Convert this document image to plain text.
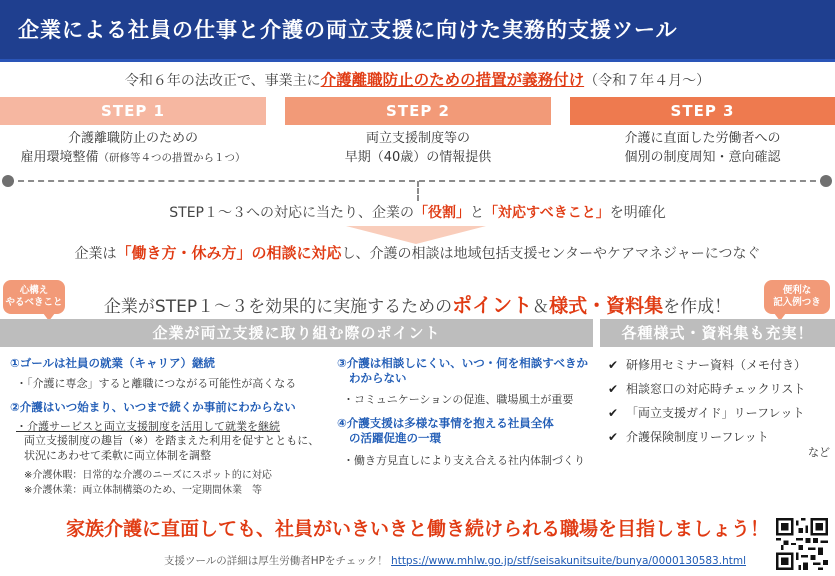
企業による社員の仕事と介護の両立支援に向けた実務的支援ツール
令和６年の法改正で、事業主に介護離職防止のための措置が義務付け（令和７年４月～）
STEP 1	STEP 2	STEP 3
介護離職防止のための
雇用環境整備（研修等４つの措置から１つ）
両立支援制度等の
早期（40歳）の情報提供
介護に直面した労働者への
個別の制度周知・意向確認
STEP１～３への対応に当たり、企業の「役割」と「対応すべきこと」を明確化
企業は「働き方・休み方」の相談に対応し、介護の相談は地域包括支援センターやケアマネジャーにつなぐ
心構え
やるべきこと
便利な
記入例つき
企業がSTEP１～３を効果的に実施するためのポイント＆様式・資料集を作成！
企業が両立支援に取り組む際のポイント	各種様式・資料集も充実！
①ゴールは社員の就業（キャリア）継続
・「介護に専念」すると離職につながる可能性が高くなる
②介護はいつ始まり、いつまで続くか事前にわからない
・介護サービスと両立支援制度を活用して就業を継続
両立支援制度の趣旨（※）を踏まえた利用を促すとともに、
状況にあわせて柔軟に両立体制を調整
※介護休暇：日常的な介護のニーズにスポット的に対応
※介護休業：両立体制構築のため、一定期間休業　等
③介護は相談しにくい、いつ・何を相談すべきか
わからない
・コミュニケーションの促進、職場風土が重要
④介護支援は多様な事情を抱える社員全体
の活躍促進の一環
・働き方見直しにより支え合える社内体制づくり
✔ 研修用セミナー資料（メモ付き）
✔ 相談窓口の対応時チェックリスト
✔ 「両立支援ガイド」リーフレット
✔ 介護保険制度リーフレット
など
家族介護に直面しても、社員がいきいきと働き続けられる職場を目指しましょう！
支援ツールの詳細は厚生労働者HPをチェック！ https://www.mhlw.go.jp/stf/seisakunitsuite/bunya/0000130583.html
